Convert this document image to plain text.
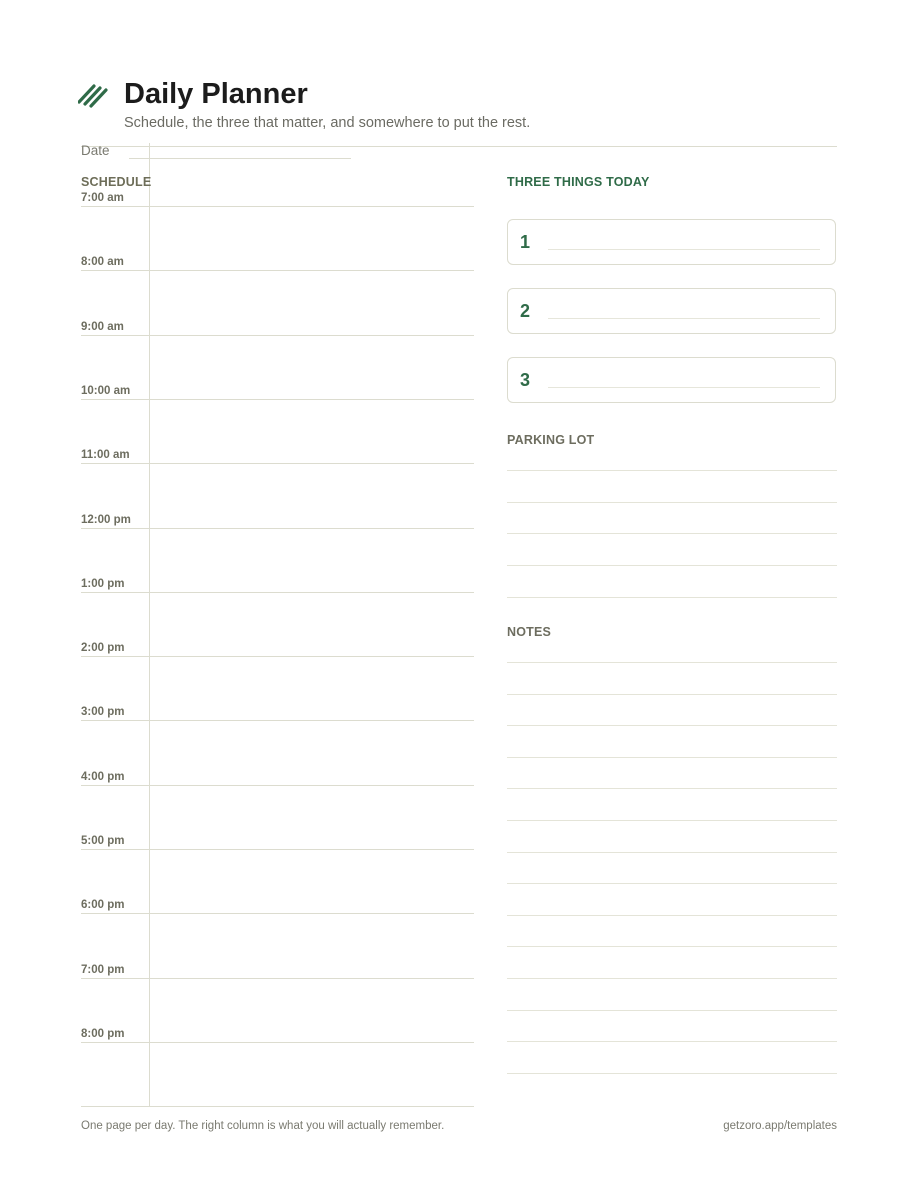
Daily Planner
Schedule, the three that matter, and somewhere to put the rest.
Date
SCHEDULE
7:00 am
8:00 am
9:00 am
10:00 am
11:00 am
12:00 pm
1:00 pm
2:00 pm
3:00 pm
4:00 pm
5:00 pm
6:00 pm
7:00 pm
8:00 pm
THREE THINGS TODAY
1
2
3
PARKING LOT
NOTES
One page per day. The right column is what you will actually remember.	getzoro.app/templates
